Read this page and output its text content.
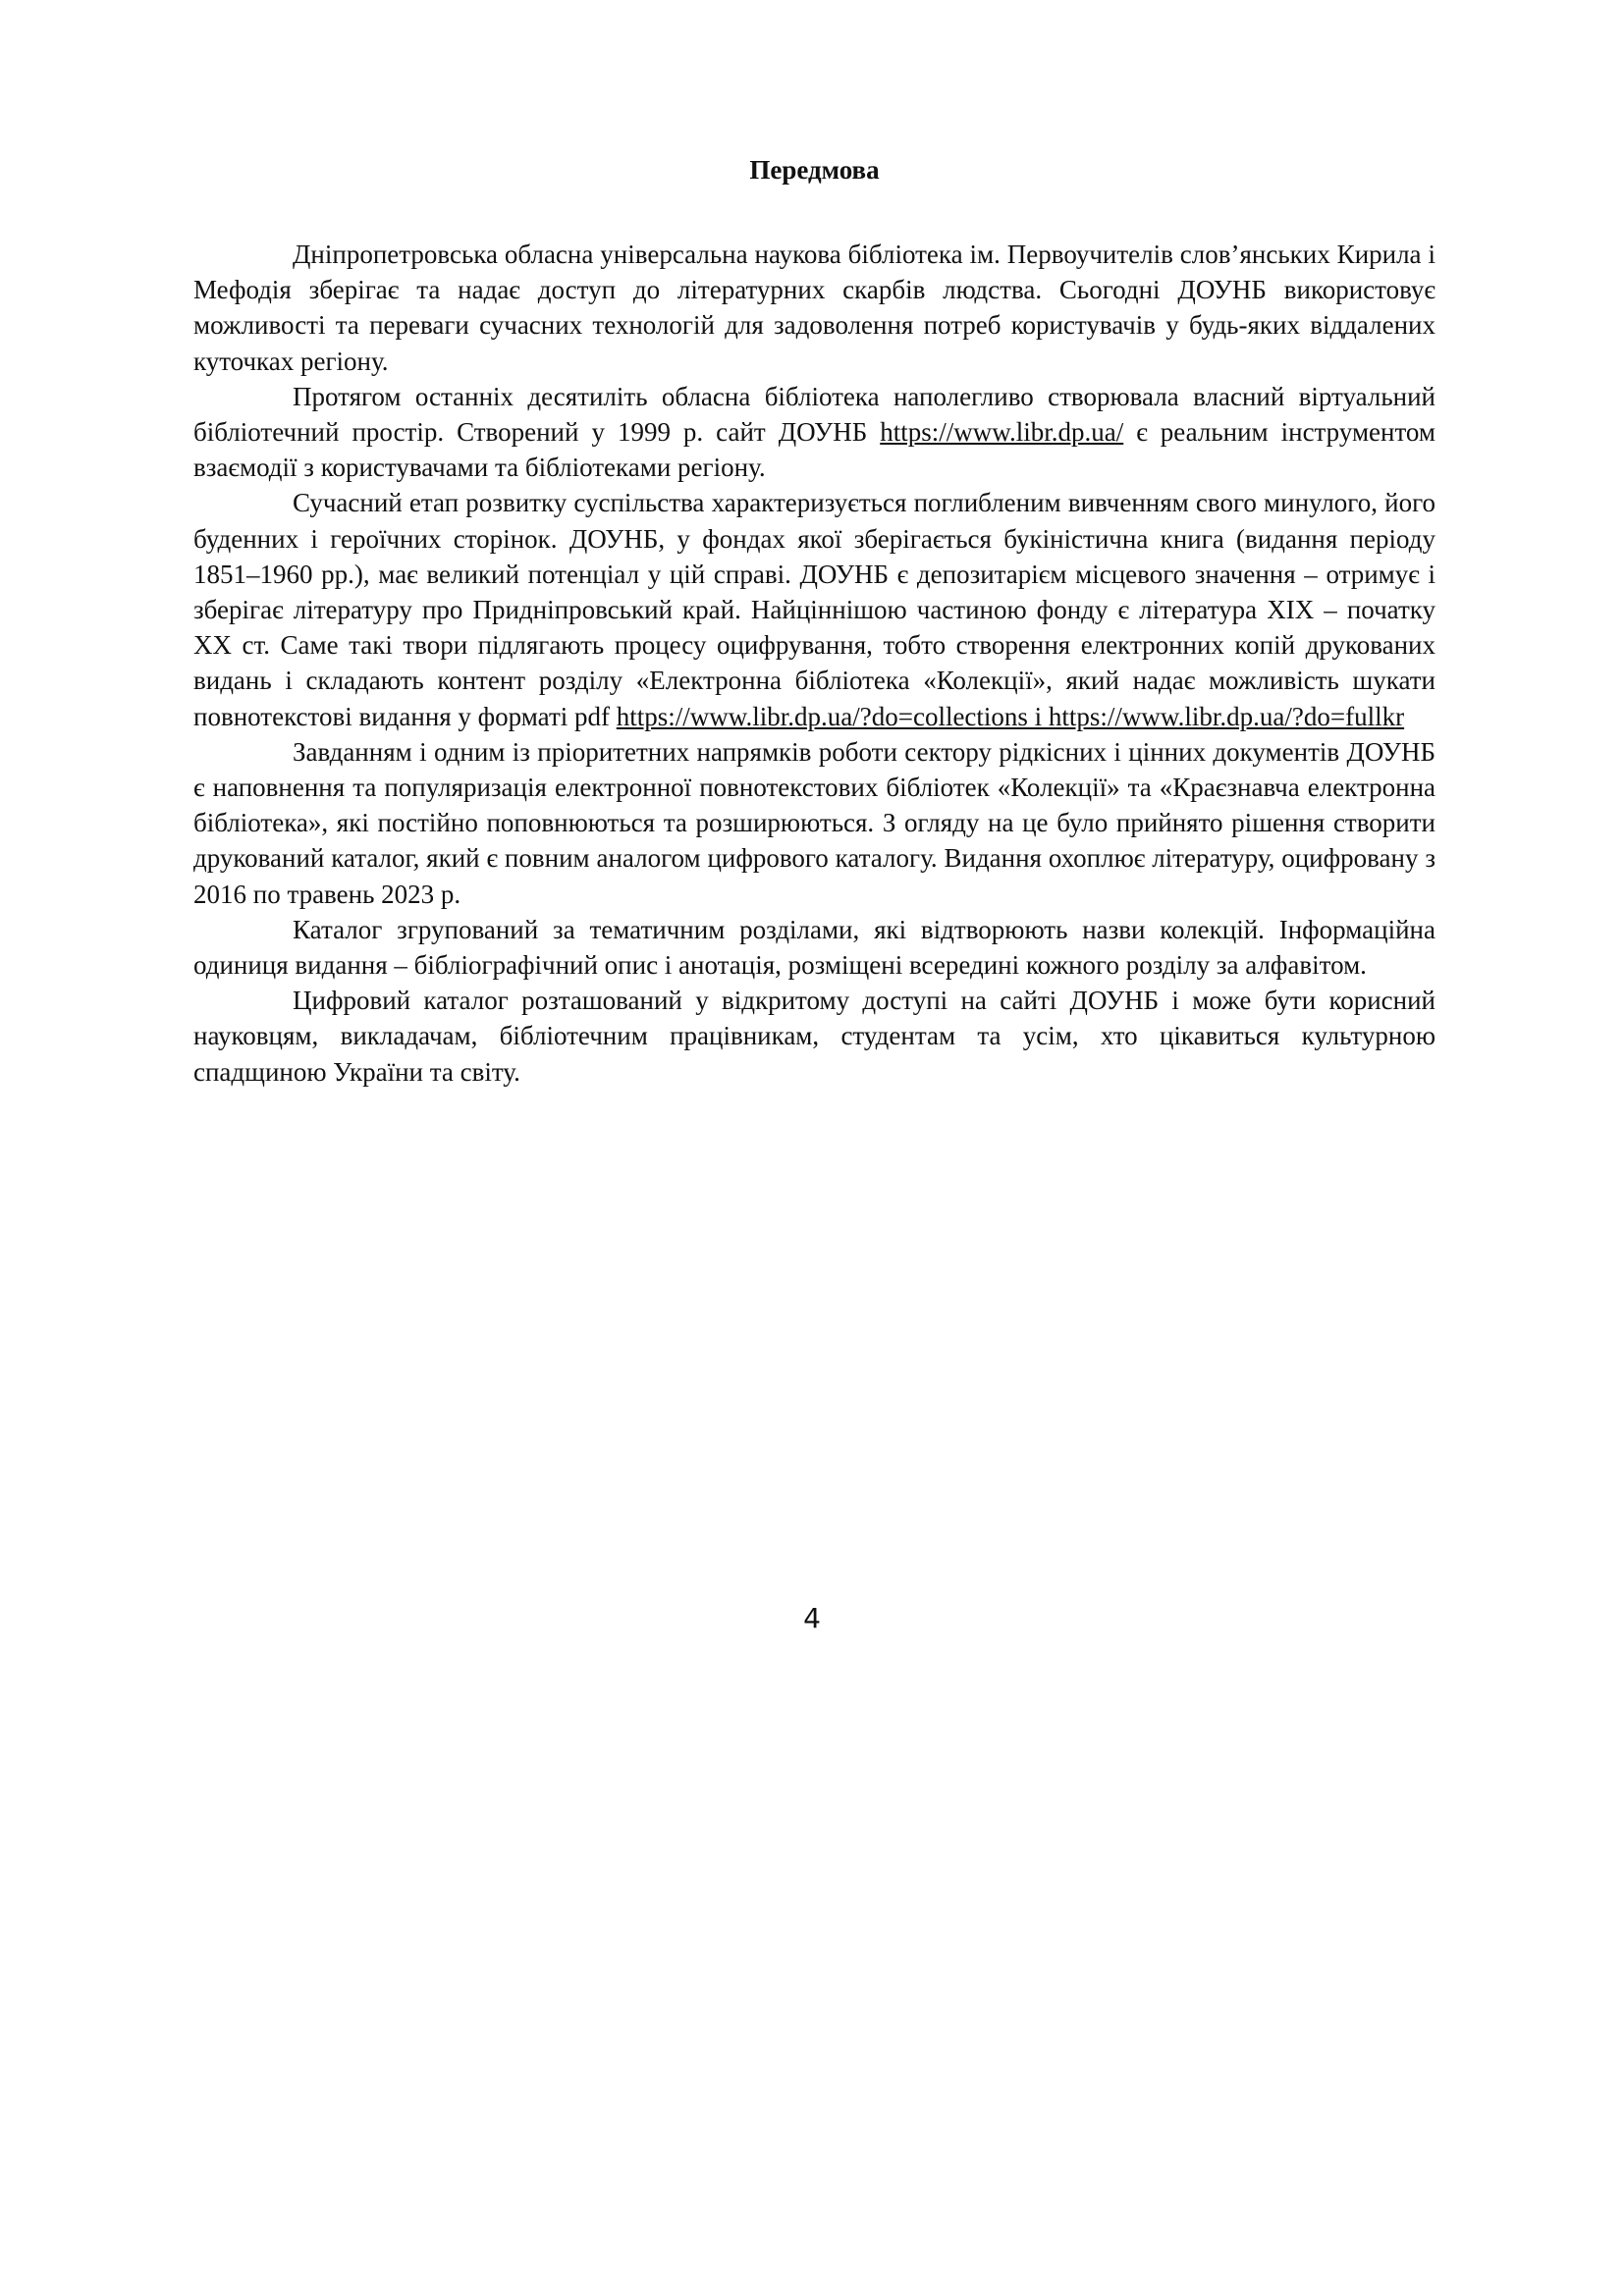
Передмова

Дніпропетровська обласна універсальна наукова бібліотека ім. Первоучителів слов’янських Кирила і Мефодія зберігає та надає доступ до літературних скарбів людства. Сьогодні ДОУНБ використовує можливості та переваги сучасних технологій для задоволення потреб користувачів у будь-яких віддалених куточках регіону.

Протягом останніх десятиліть обласна бібліотека наполегливо створювала власний віртуальний бібліотечний простір. Створений у 1999 р. сайт ДОУНБ https://www.libr.dp.ua/ є реальним інструментом взаємодії з користувачами та бібліотеками регіону.

Сучасний етап розвитку суспільства характеризується поглибленим вивченням свого минулого, його буденних і героїчних сторінок. ДОУНБ, у фондах якої зберігається букіністична книга (видання періоду 1851–1960 рр.), має великий потенціал у цій справі. ДОУНБ є депозитарієм місцевого значення – отримує і зберігає літературу про Придніпровський край. Найціннішою частиною фонду є література ХІХ – початку ХХ ст. Саме такі твори підлягають процесу оцифрування, тобто створення електронних копій друкованих видань і складають контент розділу «Електронна бібліотека «Колекції», який надає можливість шукати повнотекстові видання у форматі pdf https://www.libr.dp.ua/?do=collections і https://www.libr.dp.ua/?do=fullkr

Завданням і одним із пріоритетних напрямків роботи сектору рідкісних і цінних документів ДОУНБ є наповнення та популяризація електронної повнотекстових бібліотек «Колекції» та «Краєзнавча електронна бібліотека», які постійно поповнюються та розширюються. З огляду на це було прийнято рішення створити друкований каталог, який є повним аналогом цифрового каталогу. Видання охоплює літературу, оцифровану з 2016 по травень 2023 р.

Каталог згрупований за тематичним розділами, які відтворюють назви колекцій. Інформаційна одиниця видання – бібліографічний опис і анотація, розміщені всередині кожного розділу за алфавітом.

Цифровий каталог розташований у відкритому доступі на сайті ДОУНБ і може бути корисний науковцям, викладачам, бібліотечним працівникам, студентам та усім, хто цікавиться культурною спадщиною України та світу.

4
